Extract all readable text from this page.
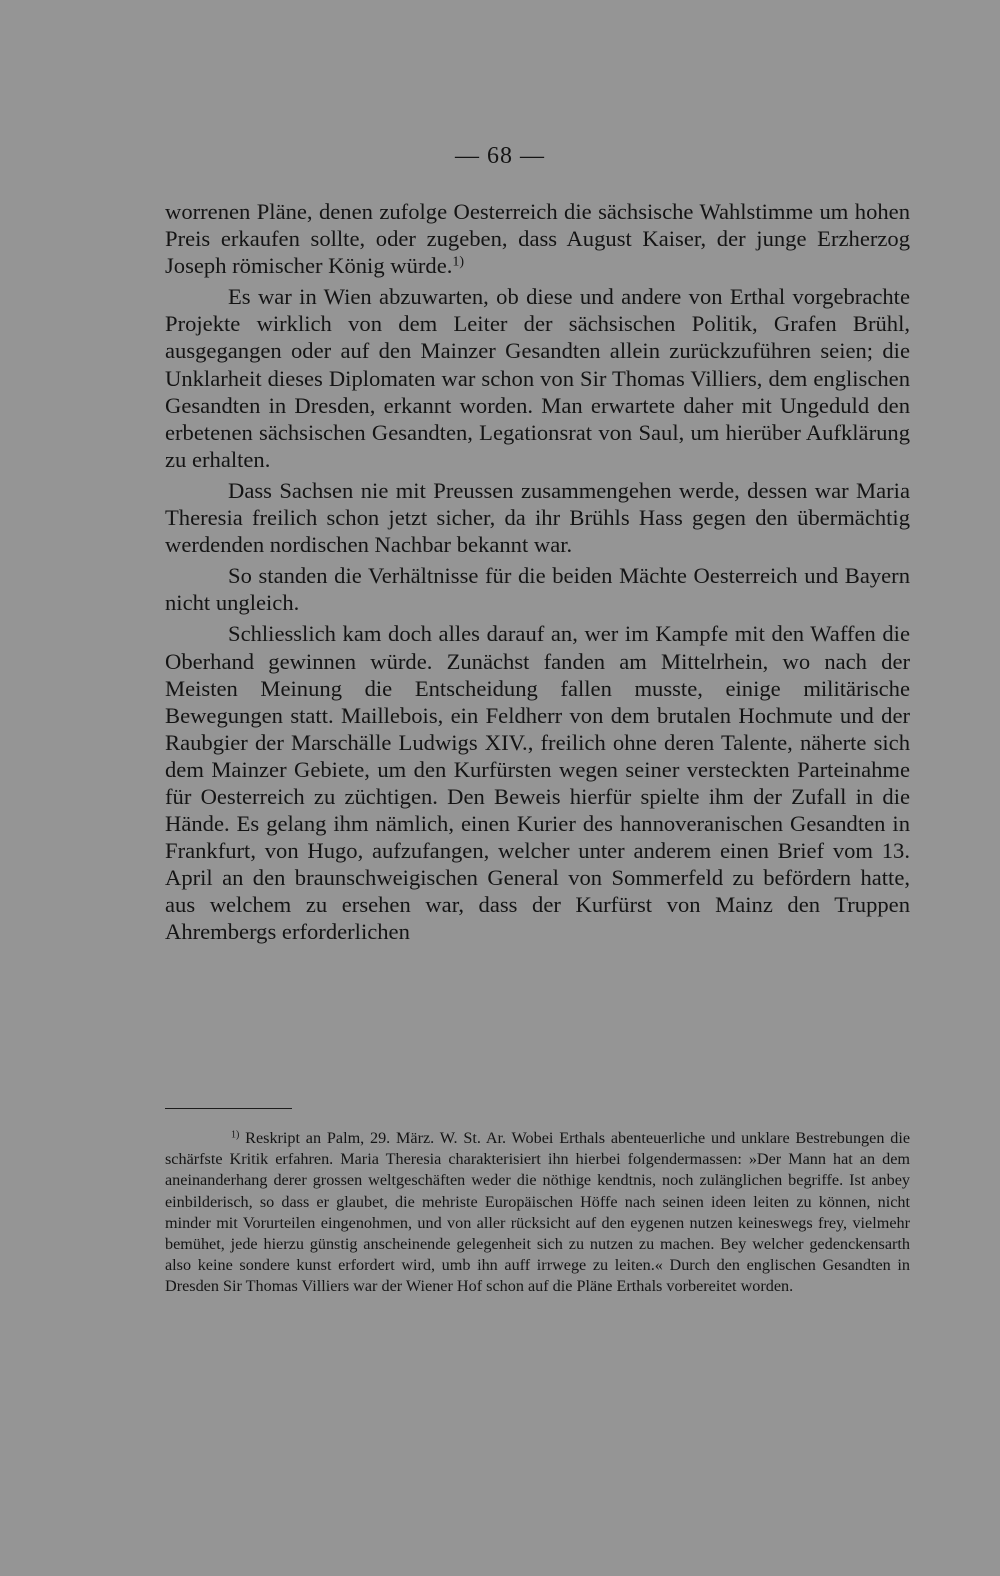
— 68 —

worrenen Pläne, denen zufolge Oesterreich die sächsische Wahlstimme um hohen Preis erkaufen sollte, oder zugeben, dass August Kaiser, der junge Erzherzog Joseph römischer König würde.$^{1)}$

Es war in Wien abzuwarten, ob diese und andere von Erthal vorgebrachte Projekte wirklich von dem Leiter der sächsischen Politik, Grafen Brühl, ausgegangen oder auf den Mainzer Gesandten allein zurückzuführen seien; die Unklarheit dieses Diplomaten war schon von Sir Thomas Villiers, dem englischen Gesandten in Dresden, erkannt worden. Man erwartete daher mit Ungeduld den erbetenen sächsischen Gesandten, Legationsrat von Saul, um hierüber Aufklärung zu erhalten.

Dass Sachsen nie mit Preussen zusammengehen werde, dessen war Maria Theresia freilich schon jetzt sicher, da ihr Brühls Hass gegen den übermächtig werdenden nordischen Nachbar bekannt war.

So standen die Verhältnisse für die beiden Mächte Oesterreich und Bayern nicht ungleich.

Schliesslich kam doch alles darauf an, wer im Kampfe mit den Waffen die Oberhand gewinnen würde. Zunächst fanden am Mittelrhein, wo nach der Meisten Meinung die Entscheidung fallen musste, einige militärische Bewegungen statt. Maillebois, ein Feldherr von dem brutalen Hochmute und der Raubgier der Marschälle Ludwigs XIV., freilich ohne deren Talente, näherte sich dem Mainzer Gebiete, um den Kurfürsten wegen seiner versteckten Parteinahme für Oesterreich zu züchtigen. Den Beweis hierfür spielte ihm der Zufall in die Hände. Es gelang ihm nämlich, einen Kurier des hannoveranischen Gesandten in Frankfurt, von Hugo, aufzufangen, welcher unter anderem einen Brief vom 13. April an den braunschweigischen General von Sommerfeld zu befördern hatte, aus welchem zu ersehen war, dass der Kurfürst von Mainz den Truppen Ahrembergs erforderlichen

$^{1)}$ Reskript an Palm, 29. März. W. St. Ar. Wobei Erthals abenteuerliche und unklare Bestrebungen die schärfste Kritik erfahren. Maria Theresia charakterisiert ihn hierbei folgendermassen: »Der Mann hat an dem aneinanderhang derer grossen weltgeschäften weder die nöthige kendtnis, noch zulänglichen begriffe. Ist anbey einbilderisch, so dass er glaubet, die mehriste Europäischen Höffe nach seinen ideen leiten zu können, nicht minder mit Vorurteilen eingenohmen, und von aller rücksicht auf den eygenen nutzen keineswegs frey, vielmehr bemühet, jede hierzu günstig anscheinende gelegenheit sich zu nutzen zu machen. Bey welcher gedenckensarth also keine sondere kunst erfordert wird, umb ihn auff irrwege zu leiten.« Durch den englischen Gesandten in Dresden Sir Thomas Villiers war der Wiener Hof schon auf die Pläne Erthals vorbereitet worden.
